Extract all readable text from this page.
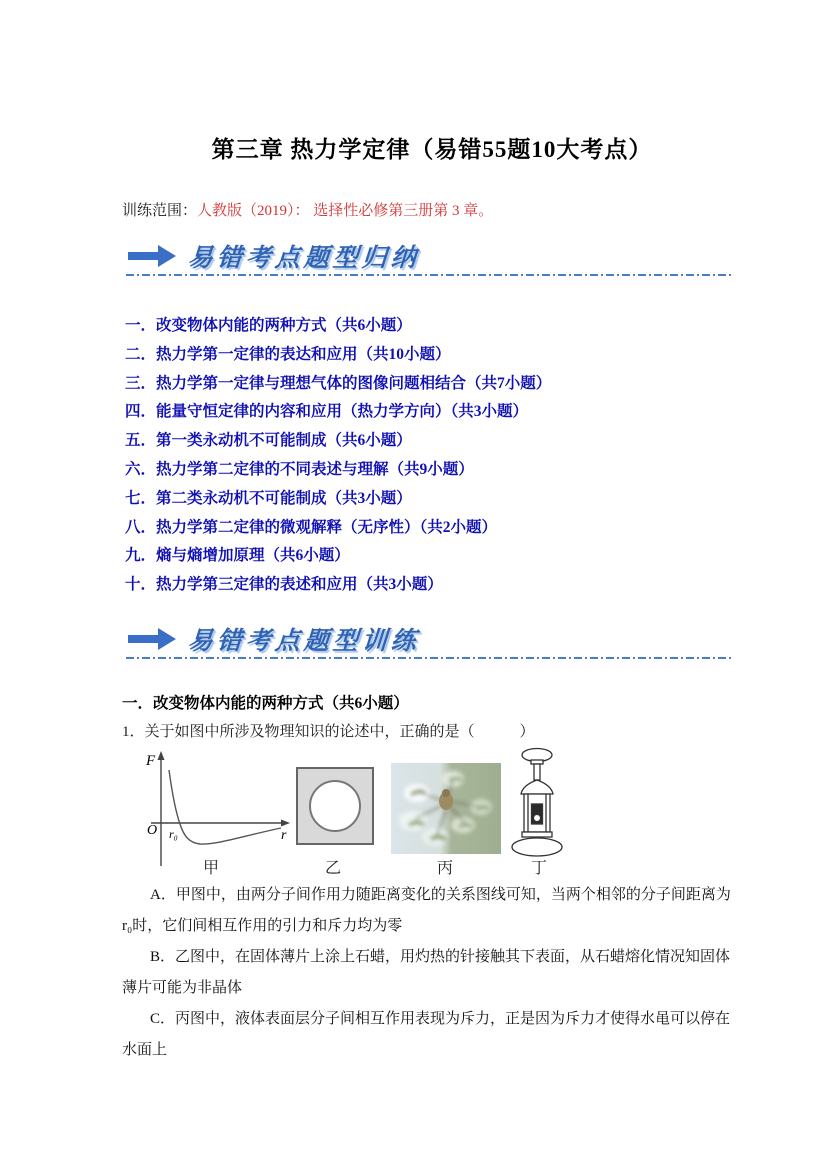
第三章 热力学定律（易错55题10大考点）

训练范围：人教版（2019）： 选择性必修第三册第 3 章。

易错考点题型归纳
一．改变物体内能的两种方式（共6小题）
二．热力学第一定律的表达和应用（共10小题）
三．热力学第一定律与理想气体的图像问题相结合（共7小题）
四．能量守恒定律的内容和应用（热力学方向）（共3小题）
五．第一类永动机不可能制成（共6小题）
六．热力学第二定律的不同表述与理解（共9小题）
七．第二类永动机不可能制成（共3小题）
八．热力学第二定律的微观解释（无序性）（共2小题）
九．熵与熵增加原理（共6小题）
十．热力学第三定律的表述和应用（共3小题）
易错考点题型训练
一．改变物体内能的两种方式（共6小题）
1．关于如图中所涉及物理知识的论述中，正确的是（　　　）
F
O	r
r₀
甲	乙	丙	丁
A．甲图中，由两分子间作用力随距离变化的关系图线可知，当两个相邻的分子间距离为
r₀时，它们间相互作用的引力和斥力均为零
B．乙图中，在固体薄片上涂上石蜡，用灼热的针接触其下表面，从石蜡熔化情况知固体
薄片可能为非晶体
C．丙图中，液体表面层分子间相互作用表现为斥力，正是因为斥力才使得水黾可以停在
水面上
